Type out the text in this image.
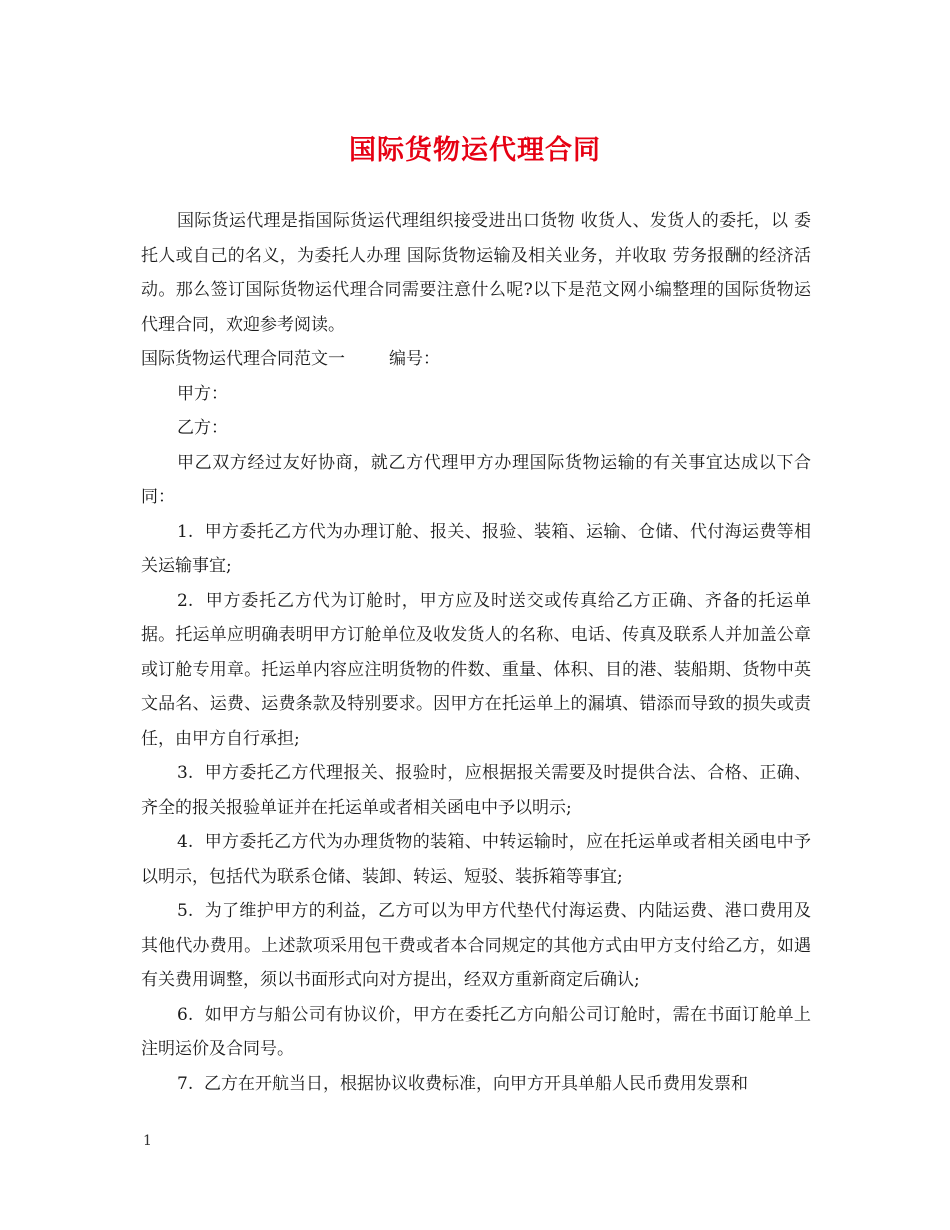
国际货物运代理合同

国际货运代理是指国际货运代理组织接受进出口货物 收货人、发货人的委托，以 委托人或自己的名义，为委托人办理 国际货物运输及相关业务，并收取 劳务报酬的经济活动。那么签订国际货物运代理合同需要注意什么呢?以下是范文网小编整理的国际货物运代理合同，欢迎参考阅读。

国际货物运代理合同范文一	编号：

甲方：

乙方：

甲乙双方经过友好协商，就乙方代理甲方办理国际货物运输的有关事宜达成以下合同：

1. 甲方委托乙方代为办理订舱、报关、报验、装箱、运输、仓储、代付海运费等相关运输事宜;

2. 甲方委托乙方代为订舱时，甲方应及时送交或传真给乙方正确、齐备的托运单据。托运单应明确表明甲方订舱单位及收发货人的名称、电话、传真及联系人并加盖公章或订舱专用章。托运单内容应注明货物的件数、重量、体积、目的港、装船期、货物中英文品名、运费、运费条款及特别要求。因甲方在托运单上的漏填、错添而导致的损失或责任，由甲方自行承担;

3. 甲方委托乙方代理报关、报验时，应根据报关需要及时提供合法、合格、正确、齐全的报关报验单证并在托运单或者相关函电中予以明示;

4. 甲方委托乙方代为办理货物的装箱、中转运输时，应在托运单或者相关函电中予以明示，包括代为联系仓储、装卸、转运、短驳、装拆箱等事宜;

5. 为了维护甲方的利益，乙方可以为甲方代垫代付海运费、内陆运费、港口费用及其他代办费用。上述款项采用包干费或者本合同规定的其他方式由甲方支付给乙方，如遇有关费用调整，须以书面形式向对方提出，经双方重新商定后确认;

6. 如甲方与船公司有协议价，甲方在委托乙方向船公司订舱时，需在书面订舱单上注明运价及合同号。

7. 乙方在开航当日，根据协议收费标准，向甲方开具单船人民币费用发票和

1
